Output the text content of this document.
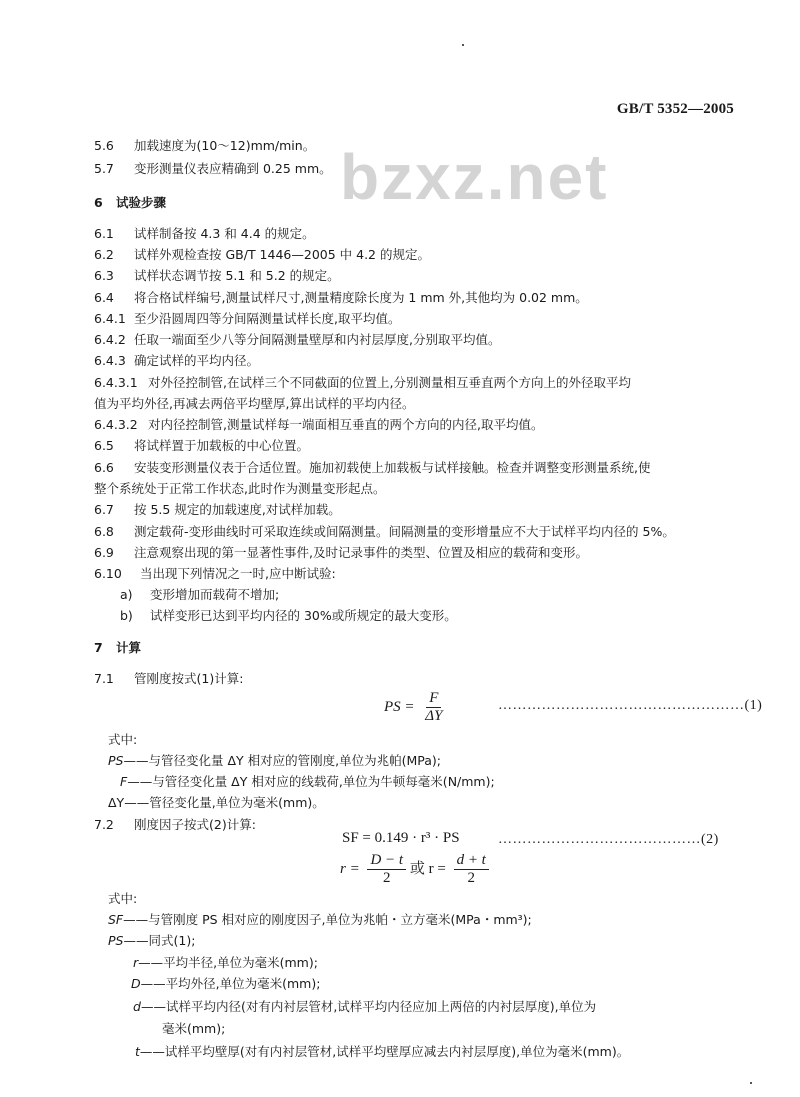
GB/T 5352—2005
bzxz.net
5.6 加载速度为(10～12)mm/min。
5.7 变形测量仪表应精确到 0.25 mm。
6 试验步骤
6.1 试样制备按 4.3 和 4.4 的规定。
6.2 试样外观检查按 GB/T 1446—2005 中 4.2 的规定。
6.3 试样状态调节按 5.1 和 5.2 的规定。
6.4 将合格试样编号,测量试样尺寸,测量精度除长度为 1 mm 外,其他均为 0.02 mm。
6.4.1 至少沿圆周四等分间隔测量试样长度,取平均值。
6.4.2 任取一端面至少八等分间隔测量壁厚和内衬层厚度,分别取平均值。
6.4.3 确定试样的平均内径。
6.4.3.1 对外径控制管,在试样三个不同截面的位置上,分别测量相互垂直两个方向上的外径取平均
值为平均外径,再减去两倍平均壁厚,算出试样的平均内径。
6.4.3.2 对内径控制管,测量试样每一端面相互垂直的两个方向的内径,取平均值。
6.5 将试样置于加载板的中心位置。
6.6 安装变形测量仪表于合适位置。施加初载使上加载板与试样接触。检查并调整变形测量系统,使
整个系统处于正常工作状态,此时作为测量变形起点。
6.7 按 5.5 规定的加载速度,对试样加载。
6.8 测定载荷-变形曲线时可采取连续或间隔测量。间隔测量的变形增量应不大于试样平均内径的 5%。
6.9 注意观察出现的第一显著性事件,及时记录事件的类型、位置及相应的载荷和变形。
6.10 当出现下列情况之一时,应中断试验:
a) 变形增加而载荷不增加;
b) 试样变形已达到平均内径的 30%或所规定的最大变形。
7 计算
7.1 管刚度按式(1)计算:
PS = $\frac{F}{\Delta Y}$	……………………………………………(1)
式中:
PS——与管径变化量 ΔY 相对应的管刚度,单位为兆帕(MPa);
F——与管径变化量 ΔY 相对应的线载荷,单位为牛顿每毫米(N/mm);
ΔY——管径变化量,单位为毫米(mm)。
7.2 刚度因子按式(2)计算:
SF = 0.149 · r³ · PS	……………………………………(2)
$r = \frac{D - t}{2}$ 或 $r = \frac{d + t}{2}$
式中:
SF——与管刚度 PS 相对应的刚度因子,单位为兆帕・立方毫米(MPa・mm³);
PS——同式(1);
r——平均半径,单位为毫米(mm);
D——平均外径,单位为毫米(mm);
d——试样平均内径(对有内衬层管材,试样平均内径应加上两倍的内衬层厚度),单位为
毫米(mm);
t——试样平均壁厚(对有内衬层管材,试样平均壁厚应减去内衬层厚度),单位为毫米(mm)。
